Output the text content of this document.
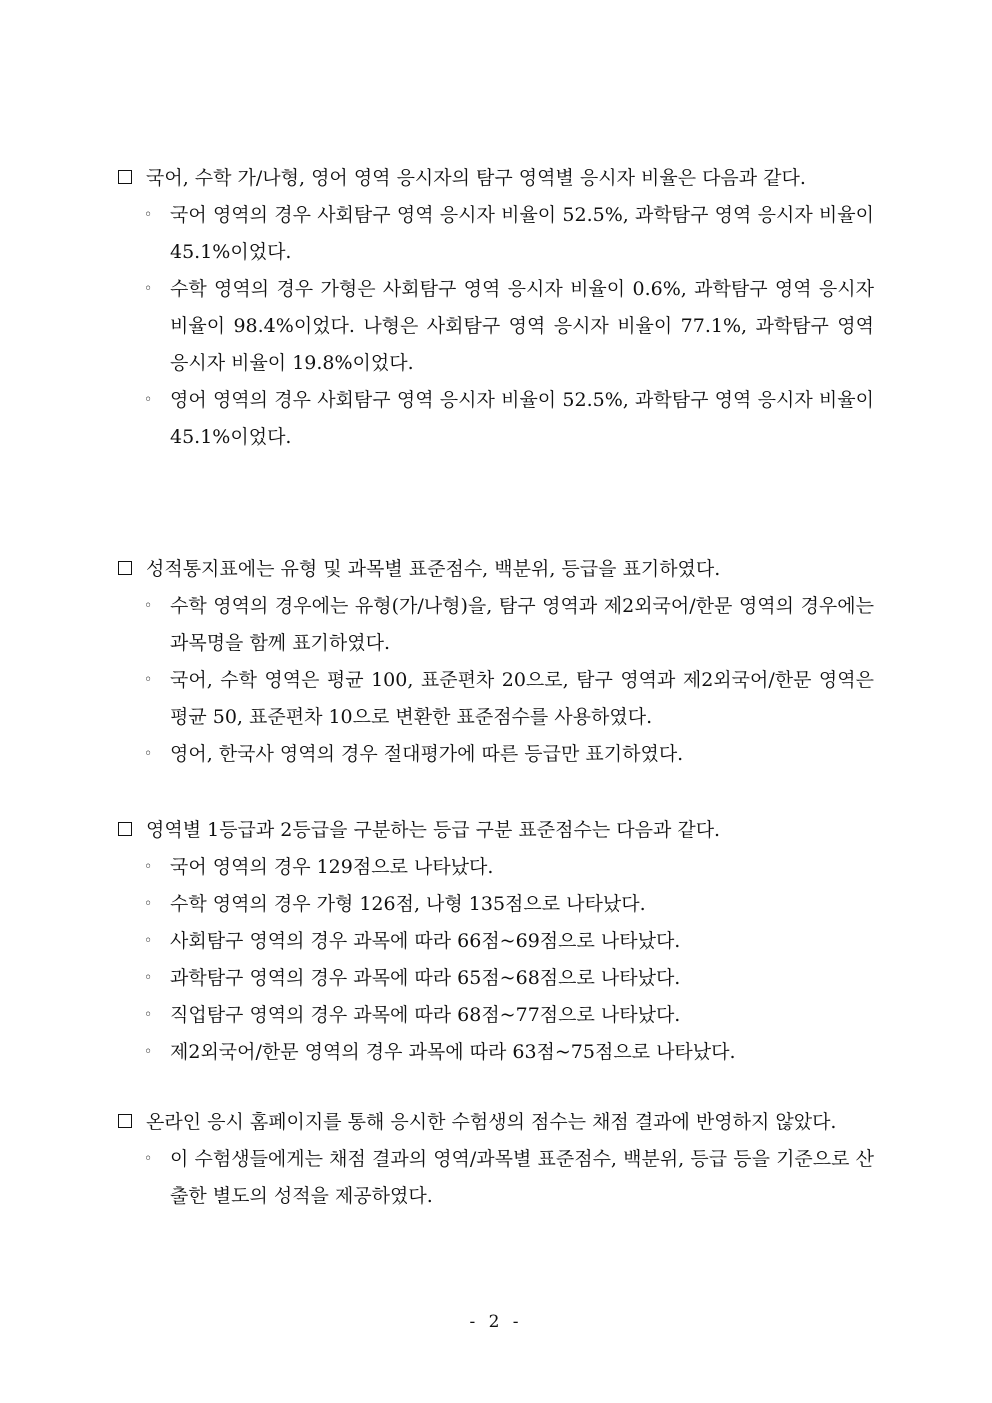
국어, 수학 가/나형, 영어 영역 응시자의 탐구 영역별 응시자 비율은 다음과 같다.
◦ 국어 영역의 경우 사회탐구 영역 응시자 비율이 52.5%, 과학탐구 영역 응시자 비율이 45.1%이었다.
◦ 수학 영역의 경우 가형은 사회탐구 영역 응시자 비율이 0.6%, 과학탐구 영역 응시자 비율이 98.4%이었다. 나형은 사회탐구 영역 응시자 비율이 77.1%, 과학탐구 영역 응시자 비율이 19.8%이었다.
◦ 영어 영역의 경우 사회탐구 영역 응시자 비율이 52.5%, 과학탐구 영역 응시자 비율이 45.1%이었다.
성적통지표에는 유형 및 과목별 표준점수, 백분위, 등급을 표기하였다.
◦ 수학 영역의 경우에는 유형(가/나형)을, 탐구 영역과 제2외국어/한문 영역의 경우에는 과목명을 함께 표기하였다.
◦ 국어, 수학 영역은 평균 100, 표준편차 20으로, 탐구 영역과 제2외국어/한문 영역은 평균 50, 표준편차 10으로 변환한 표준점수를 사용하였다.
◦ 영어, 한국사 영역의 경우 절대평가에 따른 등급만 표기하였다.
영역별 1등급과 2등급을 구분하는 등급 구분 표준점수는 다음과 같다.
◦ 국어 영역의 경우 129점으로 나타났다.
◦ 수학 영역의 경우 가형 126점, 나형 135점으로 나타났다.
◦ 사회탐구 영역의 경우 과목에 따라 66점~69점으로 나타났다.
◦ 과학탐구 영역의 경우 과목에 따라 65점~68점으로 나타났다.
◦ 직업탐구 영역의 경우 과목에 따라 68점~77점으로 나타났다.
◦ 제2외국어/한문 영역의 경우 과목에 따라 63점~75점으로 나타났다.
온라인 응시 홈페이지를 통해 응시한 수험생의 점수는 채점 결과에 반영하지 않았다.
◦ 이 수험생들에게는 채점 결과의 영역/과목별 표준점수, 백분위, 등급 등을 기준으로 산출한 별도의 성적을 제공하였다.
- 2 -
